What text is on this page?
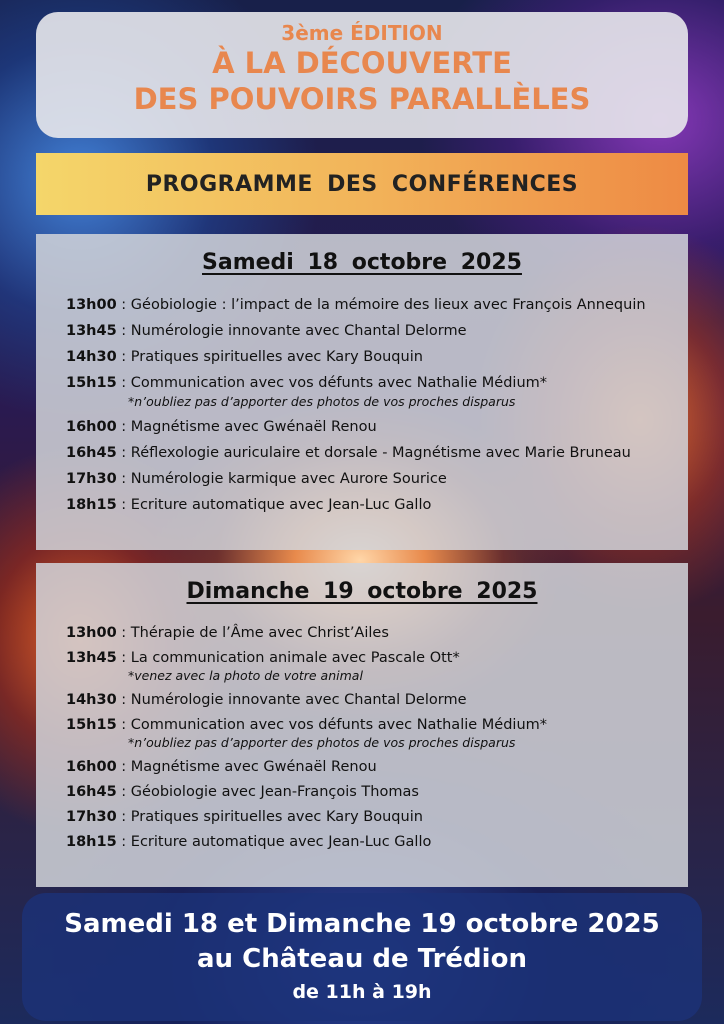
3ème ÉDITION
À LA DÉCOUVERTE
DES POUVOIRS PARALLÈLES
PROGRAMME DES CONFÉRENCES
Samedi 18 octobre 2025
13h00 : Géobiologie : l’impact de la mémoire des lieux avec François Annequin
13h45 : Numérologie innovante avec Chantal Delorme
14h30 : Pratiques spirituelles avec Kary Bouquin
15h15 : Communication avec vos défunts avec Nathalie Médium*
*n’oubliez pas d’apporter des photos de vos proches disparus
16h00 : Magnétisme avec Gwénaël Renou
16h45 : Réflexologie auriculaire et dorsale - Magnétisme avec Marie Bruneau
17h30 : Numérologie karmique avec Aurore Sourice
18h15 : Ecriture automatique avec Jean-Luc Gallo
Dimanche 19 octobre 2025
13h00 : Thérapie de l’Âme avec Christ’Ailes
13h45 : La communication animale avec Pascale Ott*
*venez avec la photo de votre animal
14h30 : Numérologie innovante avec Chantal Delorme
15h15 : Communication avec vos défunts avec Nathalie Médium*
*n’oubliez pas d’apporter des photos de vos proches disparus
16h00 : Magnétisme avec Gwénaël Renou
16h45 : Géobiologie avec Jean-François Thomas
17h30 : Pratiques spirituelles avec Kary Bouquin
18h15 : Ecriture automatique avec Jean-Luc Gallo
Samedi 18 et Dimanche 19 octobre 2025
au Château de Trédion
de 11h à 19h
